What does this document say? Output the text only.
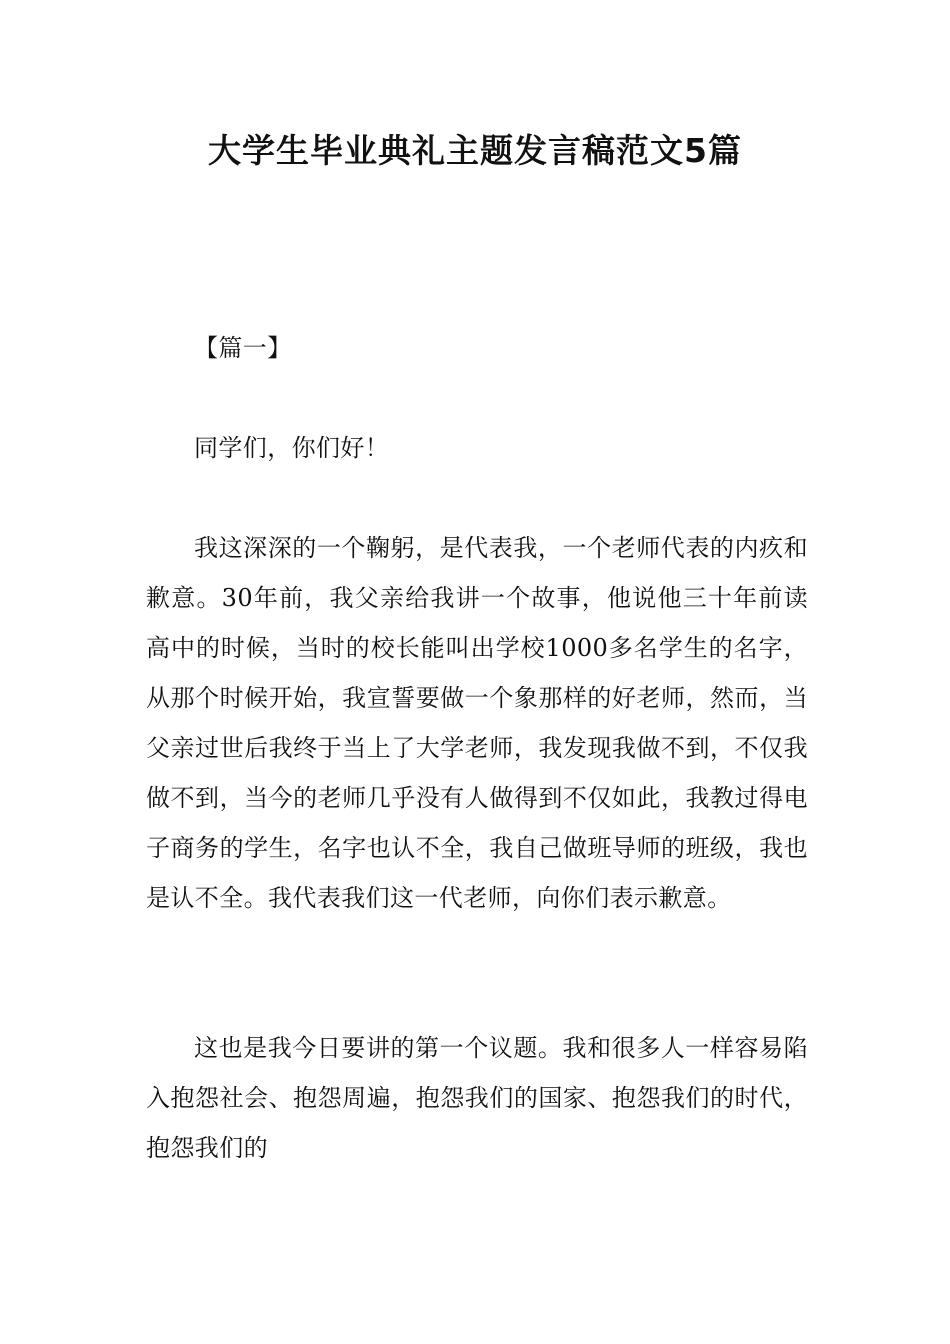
大学生毕业典礼主题发言稿范文5篇

【篇一】

同学们，你们好！

我这深深的一个鞠躬，是代表我，一个老师代表的内疚和歉意。30年前，我父亲给我讲一个故事，他说他三十年前读高中的时候，当时的校长能叫出学校1000多名学生的名字，从那个时候开始，我宣誓要做一个象那样的好老师，然而，当父亲过世后我终于当上了大学老师，我发现我做不到，不仅我做不到，当今的老师几乎没有人做得到不仅如此，我教过得电子商务的学生，名字也认不全，我自己做班导师的班级，我也是认不全。我代表我们这一代老师，向你们表示歉意。

这也是我今日要讲的第一个议题。我和很多人一样容易陷入抱怨社会、抱怨周遍，抱怨我们的国家、抱怨我们的时代，抱怨我们的
